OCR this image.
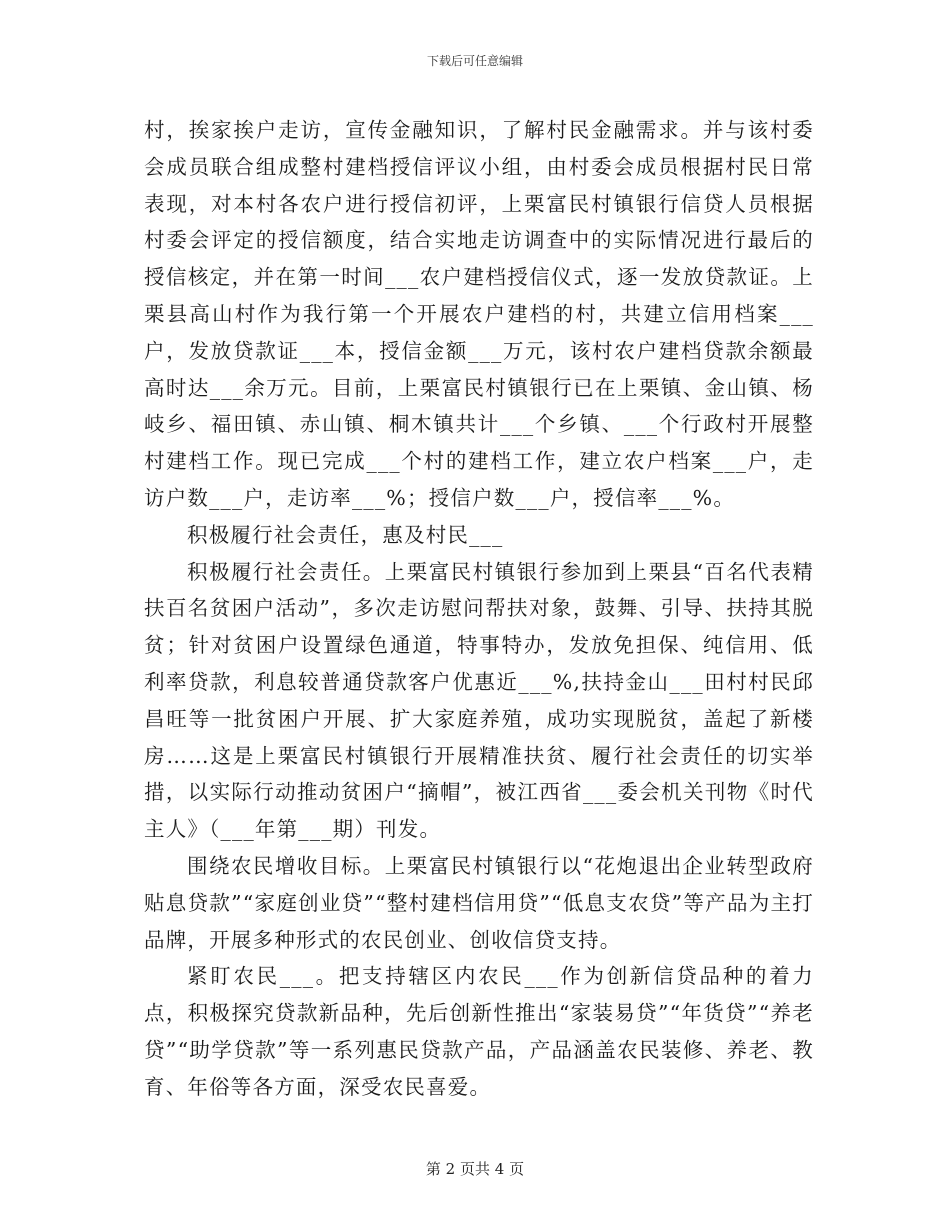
下载后可任意编辑

村，挨家挨户走访，宣传金融知识，了解村民金融需求。并与该村委会成员联合组成整村建档授信评议小组，由村委会成员根据村民日常表现，对本村各农户进行授信初评，上栗富民村镇银行信贷人员根据村委会评定的授信额度，结合实地走访调查中的实际情况进行最后的授信核定，并在第一时间___农户建档授信仪式，逐一发放贷款证。上栗县高山村作为我行第一个开展农户建档的村，共建立信用档案___户，发放贷款证___本，授信金额___万元，该村农户建档贷款余额最高时达___余万元。目前，上栗富民村镇银行已在上栗镇、金山镇、杨岐乡、福田镇、赤山镇、桐木镇共计___个乡镇、___个行政村开展整村建档工作。现已完成___个村的建档工作，建立农户档案___户，走访户数___户，走访率___%；授信户数___户，授信率___%。

积极履行社会责任，惠及村民___

积极履行社会责任。上栗富民村镇银行参加到上栗县“百名代表精扶百名贫困户活动”，多次走访慰问帮扶对象，鼓舞、引导、扶持其脱贫；针对贫困户设置绿色通道，特事特办，发放免担保、纯信用、低利率贷款，利息较普通贷款客户优惠近___%,扶持金山___田村村民邱昌旺等一批贫困户开展、扩大家庭养殖，成功实现脱贫，盖起了新楼房……这是上栗富民村镇银行开展精准扶贫、履行社会责任的切实举措，以实际行动推动贫困户“摘帽”，被江西省___委会机关刊物《时代主人》（___年第___期）刊发。

围绕农民增收目标。上栗富民村镇银行以“花炮退出企业转型政府贴息贷款”“家庭创业贷”“整村建档信用贷”“低息支农贷”等产品为主打品牌，开展多种形式的农民创业、创收信贷支持。

紧盯农民___。把支持辖区内农民___作为创新信贷品种的着力点，积极探究贷款新品种，先后创新性推出“家装易贷”“年货贷”“养老贷”“助学贷款”等一系列惠民贷款产品，产品涵盖农民装修、养老、教育、年俗等各方面，深受农民喜爱。

第 2 页共 4 页
